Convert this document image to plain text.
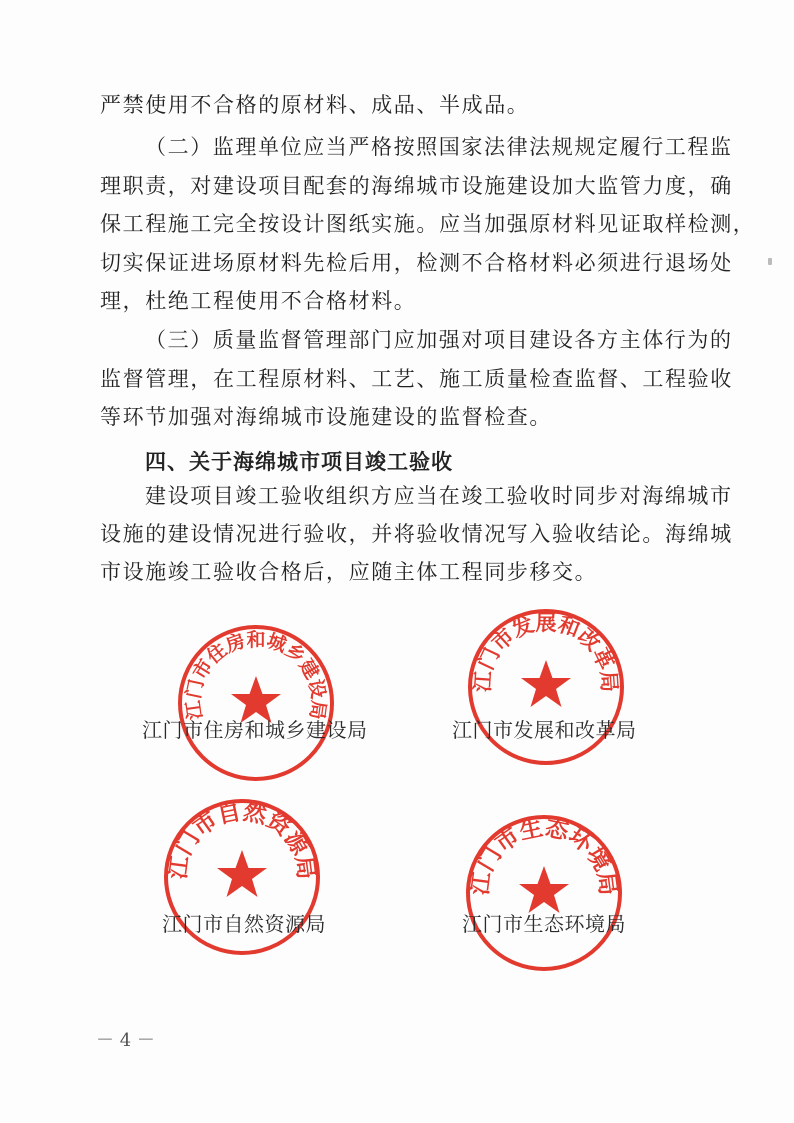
严禁使用不合格的原材料、成品、半成品。
（二）监理单位应当严格按照国家法律法规规定履行工程监
理职责，对建设项目配套的海绵城市设施建设加大监管力度，确
保工程施工完全按设计图纸实施。应当加强原材料见证取样检测，
切实保证进场原材料先检后用，检测不合格材料必须进行退场处
理，杜绝工程使用不合格材料。
（三）质量监督管理部门应加强对项目建设各方主体行为的
监督管理，在工程原材料、工艺、施工质量检查监督、工程验收
等环节加强对海绵城市设施建设的监督检查。
四、关于海绵城市项目竣工验收
建设项目竣工验收组织方应当在竣工验收时同步对海绵城市
设施的建设情况进行验收，并将验收情况写入验收结论。海绵城
市设施竣工验收合格后，应随主体工程同步移交。
江门市住房和城乡建设局
江门市住房和城乡建设局
江门市发展和改革局
江门市发展和改革局
江门市自然资源局
江门市自然资源局
江门市生态环境局
江门市生态环境局
－ 4 －
